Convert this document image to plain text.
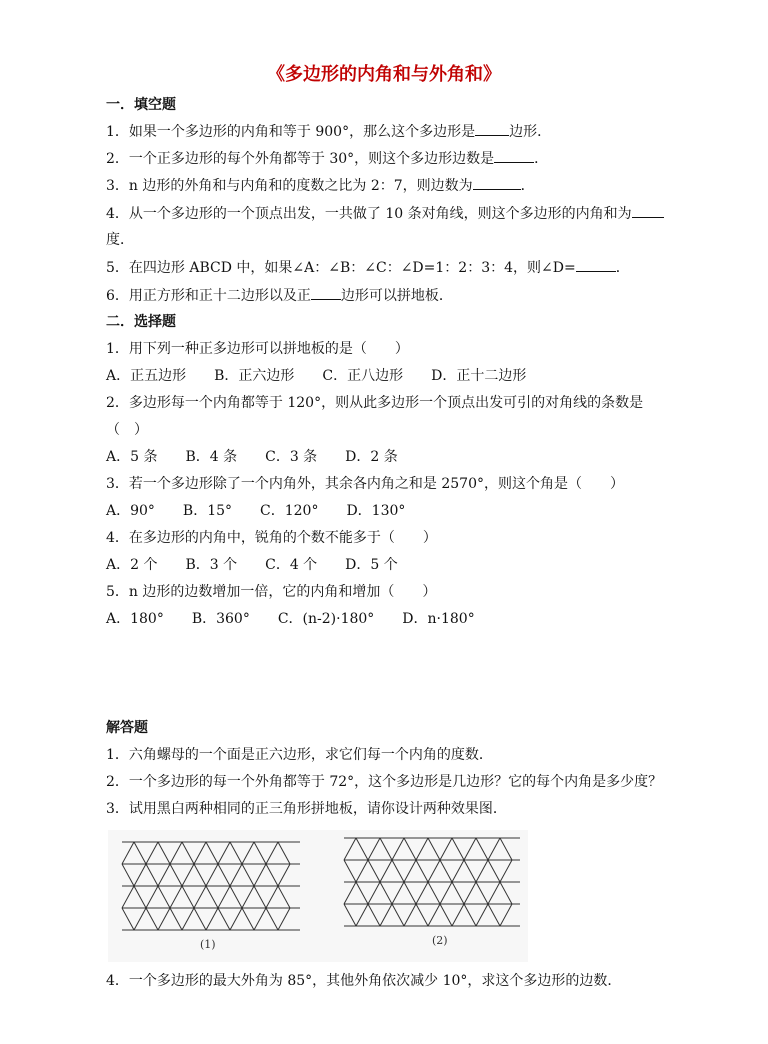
《多边形的内角和与外角和》
一．填空题
1．如果一个多边形的内角和等于 900°，那么这个多边形是 边形．
2．一个正多边形的每个外角都等于 30°，则这个多边形边数是	．
3．n 边形的外角和与内角和的度数之比为 2：7，则边数为	．
4．从一个多边形的一个顶点出发，一共做了 10 条对角线，则这个多边形的内角和为
度．
5．在四边形 ABCD 中，如果∠A：∠B：∠C：∠D=1：2：3：4，则∠D=	．
6．用正方形和正十二边形以及正 边形可以拼地板．
二．选择题
1．用下列一种正多边形可以拼地板的是（　　）
A．正五边形　　B．正六边形　　C．正八边形　　D．正十二边形
2．多边形每一个内角都等于 120°，则从此多边形一个顶点出发可引的对角线的条数是
（　）
A．5 条　　B．4 条　　C．3 条　　D．2 条
3．若一个多边形除了一个内角外，其余各内角之和是 2570°，则这个角是（　　）
A．90°　　B．15°　　C．120°　　D．130°
4．在多边形的内角中，锐角的个数不能多于（　　）
A．2 个　　B．3 个　　C．4 个　　D．5 个
5．n 边形的边数增加一倍，它的内角和增加（　　）
A．180°　　B．360°　　C．(n-2)·180°　　D．n·180°
解答题
1．六角螺母的一个面是正六边形，求它们每一个内角的度数．
2．一个多边形的每一个外角都等于 72°，这个多边形是几边形？它的每个内角是多少度？
3．试用黑白两种相同的正三角形拼地板，请你设计两种效果图．
(1)	(2)
4．一个多边形的最大外角为 85°，其他外角依次减少 10°，求这个多边形的边数．
